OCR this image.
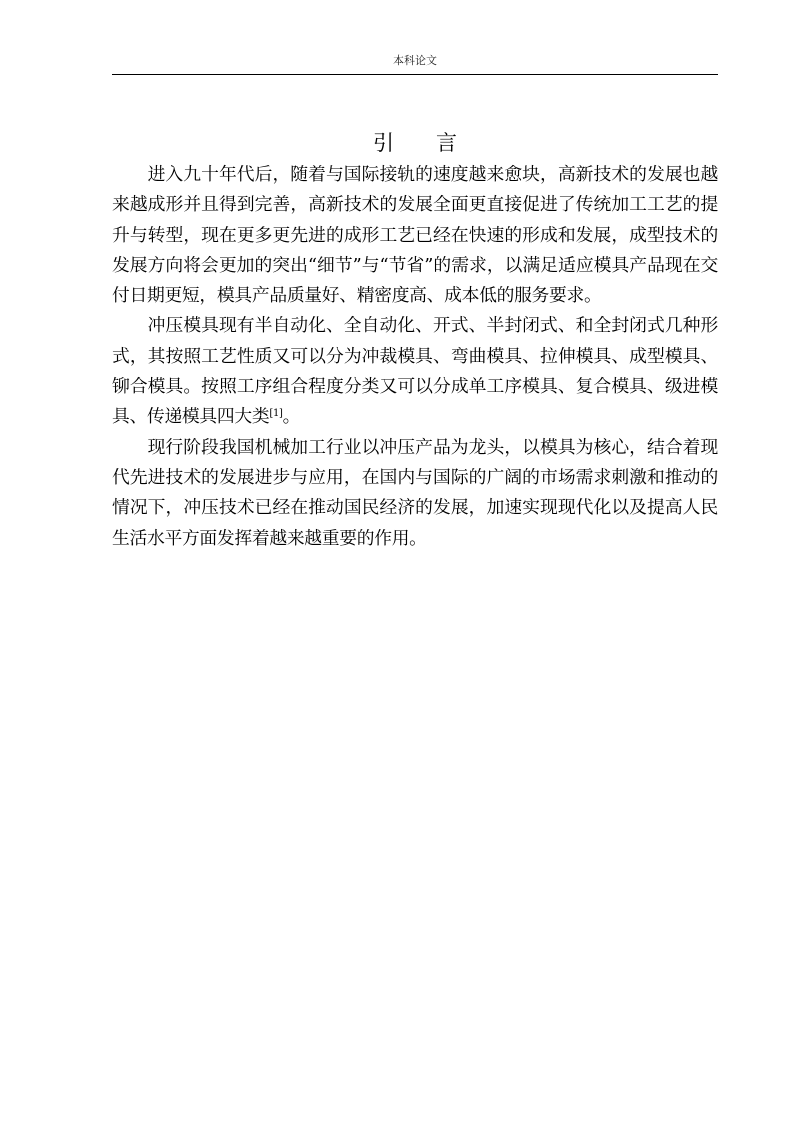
本科论文
引 言

进入九十年代后，随着与国际接轨的速度越来愈块，高新技术的发展也越来越成形并且得到完善，高新技术的发展全面更直接促进了传统加工工艺的提升与转型，现在更多更先进的成形工艺已经在快速的形成和发展，成型技术的发展方向将会更加的突出“细节”与“节省”的需求，以满足适应模具产品现在交付日期更短，模具产品质量好、精密度高、成本低的服务要求。

冲压模具现有半自动化、全自动化、开式、半封闭式、和全封闭式几种形式，其按照工艺性质又可以分为冲裁模具、弯曲模具、拉伸模具、成型模具、铆合模具。按照工序组合程度分类又可以分成单工序模具、复合模具、级进模具、传递模具四大类[1]。

现行阶段我国机械加工行业以冲压产品为龙头，以模具为核心，结合着现代先进技术的发展进步与应用，在国内与国际的广阔的市场需求刺激和推动的情况下，冲压技术已经在推动国民经济的发展，加速实现现代化以及提高人民生活水平方面发挥着越来越重要的作用。
